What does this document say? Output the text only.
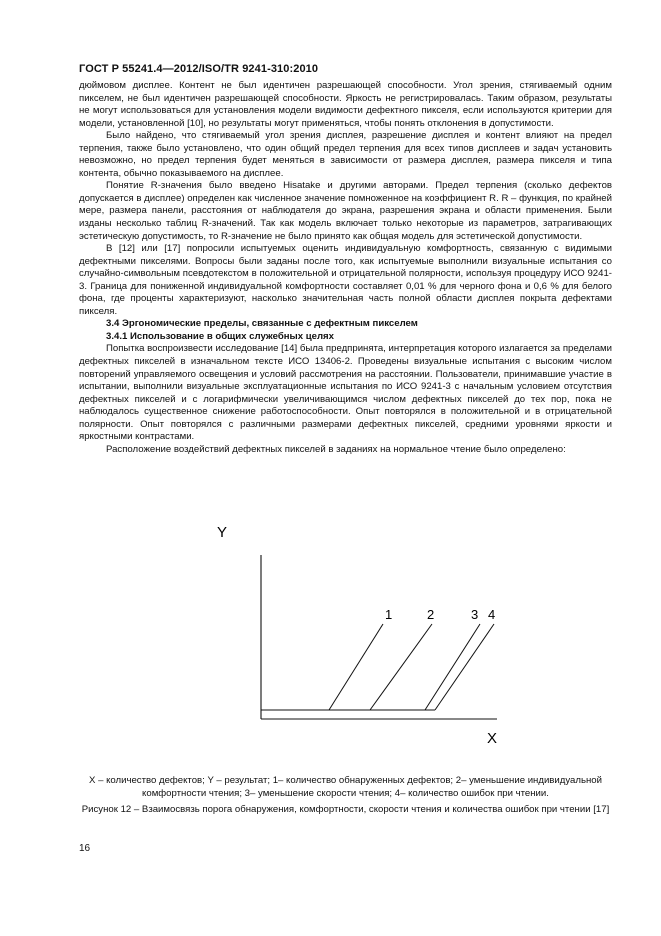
ГОСТ Р 55241.4—2012/ISO/TR 9241-310:2010

дюймовом дисплее. Контент не был идентичен разрешающей способности. Угол зрения, стягиваемый одним пикселем, не был идентичен разрешающей способности. Яркость не регистрировалась. Таким образом, результаты не могут использоваться для установления модели видимости дефектного пикселя, если используются критерии для модели, установленной [10], но результаты могут применяться, чтобы понять отклонения в допустимости.

Было найдено, что стягиваемый угол зрения дисплея, разрешение дисплея и контент влияют на предел терпения, также было установлено, что один общий предел терпения для всех типов дисплеев и задач установить невозможно, но предел терпения будет меняться в зависимости от размера дисплея, размера пикселя и типа контента, обычно показываемого на дисплее.

Понятие R-значения было введено Hisatake и другими авторами. Предел терпения (сколько дефектов допускается в дисплее) определен как численное значение помноженное на коэффициент R. R – функция, по крайней мере, размера панели, расстояния от наблюдателя до экрана, разрешения экрана и области применения. Были изданы несколько таблиц R-значений. Так как модель включает только некоторые из параметров, затрагивающих эстетическую допустимость, то R-значение не было принято как общая модель для эстетической допустимости.

В [12] или [17] попросили испытуемых оценить индивидуальную комфортность, связанную с видимыми дефектными пикселями. Вопросы были заданы после того, как испытуемые выполнили визуальные испытания со случайно-символьным псевдотекстом в положительной и отрицательной полярности, используя процедуру ИСО 9241-3. Граница для пониженной индивидуальной комфортности составляет 0,01 % для черного фона и 0,6 % для белого фона, где проценты характеризуют, насколько значительная часть полной области дисплея покрыта дефектами пикселя.

3.4 Эргономические пределы, связанные с дефектным пикселем

3.4.1 Использование в общих служебных целях

Попытка воспроизвести исследование [14] была предпринята, интерпретация которого излагается за пределами дефектных пикселей в изначальном тексте ИСО 13406-2. Проведены визуальные испытания с высоким числом повторений управляемого освещения и условий рассмотрения на расстоянии. Пользователи, принимавшие участие в испытании, выполнили визуальные эксплуатационные испытания по ИСО 9241-3 с начальным условием отсутствия дефектных пикселей и с логарифмически увеличивающимся числом дефектных пикселей до тех пор, пока не наблюдалось существенное снижение работоспособности. Опыт повторялся в положительной и в отрицательной полярности. Опыт повторялся с различными размерами дефектных пикселей, средними уровнями яркости и яркостными контрастами.

Расположение воздействий дефектных пикселей в заданиях на нормальное чтение было определено:

Y
X
1	2	3 4

X – количество дефектов; Y – результат; 1– количество обнаруженных дефектов; 2– уменьшение индивидуальной комфортности чтения; 3– уменьшение скорости чтения; 4– количество ошибок при чтении.

Рисунок 12 – Взаимосвязь порога обнаружения, комфортности, скорости чтения и количества ошибок при чтении [17]

16
